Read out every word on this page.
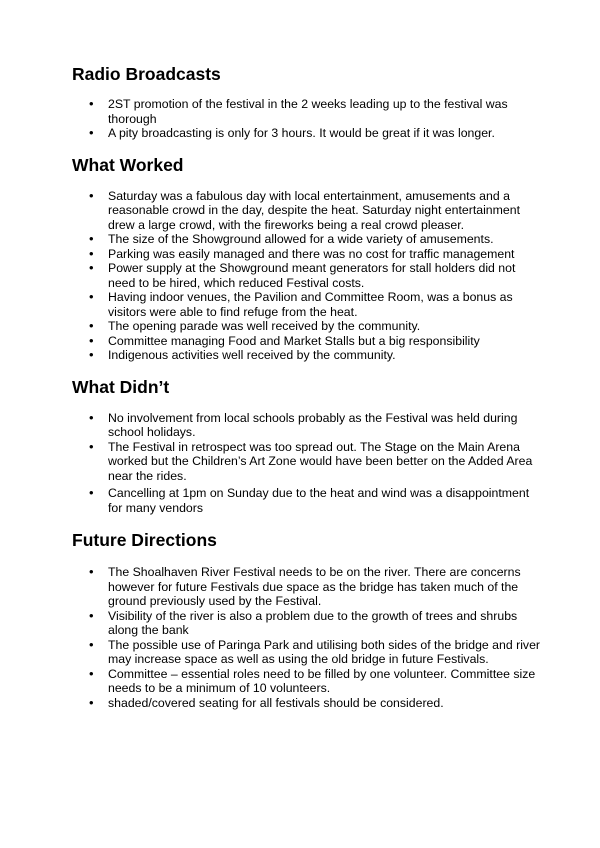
Radio Broadcasts
• 2ST promotion of the festival in the 2 weeks leading up to the festival was thorough
• A pity broadcasting is only for 3 hours. It would be great if it was longer.
What Worked
• Saturday was a fabulous day with local entertainment, amusements and a reasonable crowd in the day, despite the heat. Saturday night entertainment drew a large crowd, with the fireworks being a real crowd pleaser.
• The size of the Showground allowed for a wide variety of amusements.
• Parking was easily managed and there was no cost for traffic management
• Power supply at the Showground meant generators for stall holders did not need to be hired, which reduced Festival costs.
• Having indoor venues, the Pavilion and Committee Room, was a bonus as visitors were able to find refuge from the heat.
• The opening parade was well received by the community.
• Committee managing Food and Market Stalls but a big responsibility
• Indigenous activities well received by the community.
What Didn’t
• No involvement from local schools probably as the Festival was held during school holidays.
• The Festival in retrospect was too spread out. The Stage on the Main Arena worked but the Children’s Art Zone would have been better on the Added Area near the rides.
• Cancelling at 1pm on Sunday due to the heat and wind was a disappointment for many vendors
Future Directions
• The Shoalhaven River Festival needs to be on the river. There are concerns however for future Festivals due space as the bridge has taken much of the ground previously used by the Festival.
• Visibility of the river is also a problem due to the growth of trees and shrubs along the bank
• The possible use of Paringa Park and utilising both sides of the bridge and river may increase space as well as using the old bridge in future Festivals.
• Committee – essential roles need to be filled by one volunteer. Committee size needs to be a minimum of 10 volunteers.
• shaded/covered seating for all festivals should be considered.
